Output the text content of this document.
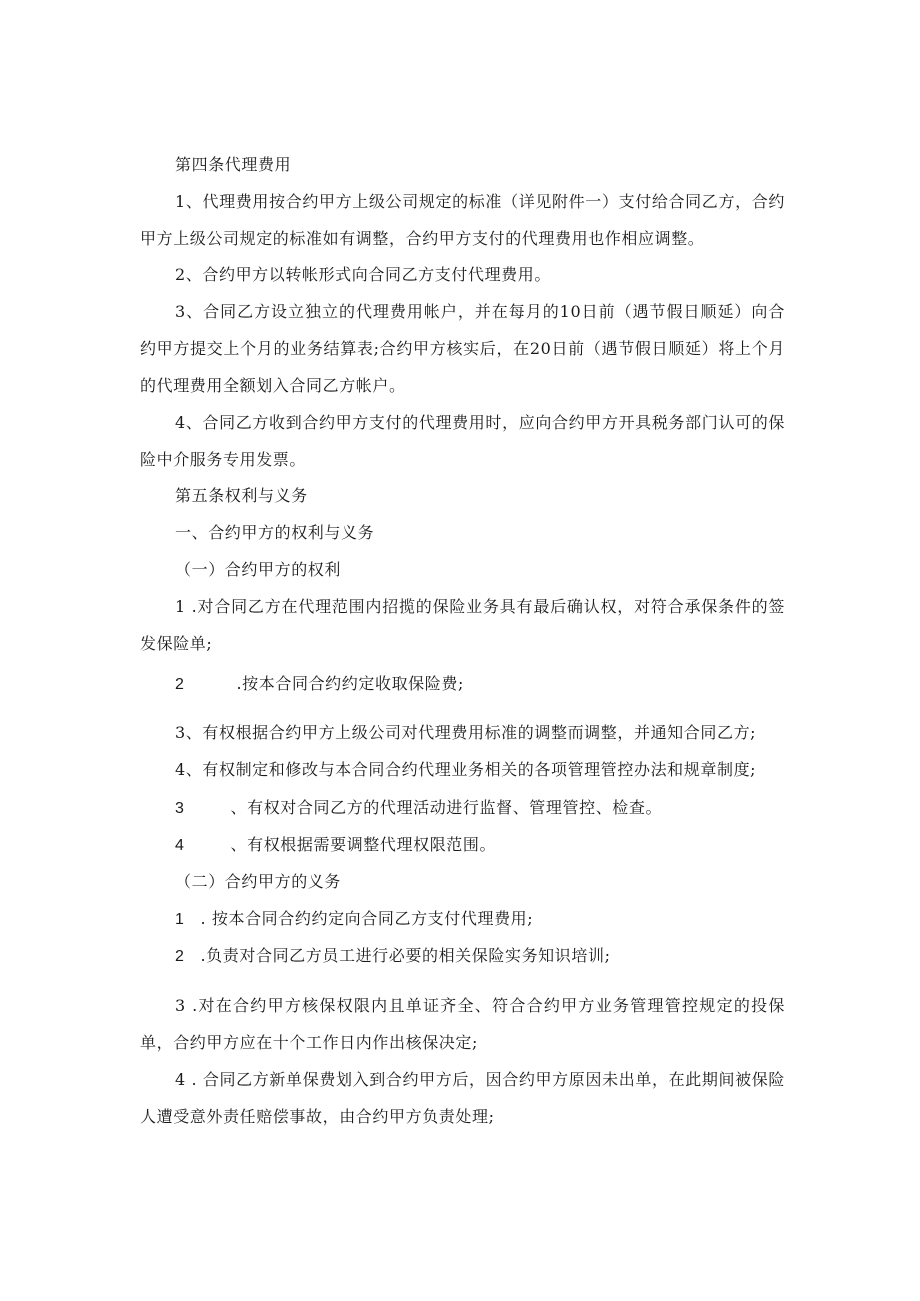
第四条代理费用
1、代理费用按合约甲方上级公司规定的标准（详见附件一）支付给合同乙方，合约甲方上级公司规定的标准如有调整，合约甲方支付的代理费用也作相应调整。
2、合约甲方以转帐形式向合同乙方支付代理费用。
3、合同乙方设立独立的代理费用帐户，并在每月的10日前（遇节假日顺延）向合约甲方提交上个月的业务结算表;合约甲方核实后，在20日前（遇节假日顺延）将上个月的代理费用全额划入合同乙方帐户。
4、合同乙方收到合约甲方支付的代理费用时，应向合约甲方开具税务部门认可的保险中介服务专用发票。
第五条权利与义务
一、合约甲方的权利与义务
（一）合约甲方的权利
1 .对合同乙方在代理范围内招揽的保险业务具有最后确认权，对符合承保条件的签发保险单;
2	.按本合同合约约定收取保险费;
3、有权根据合约甲方上级公司对代理费用标准的调整而调整，并通知合同乙方;
4、有权制定和修改与本合同合约代理业务相关的各项管理管控办法和规章制度;
3	、有权对合同乙方的代理活动进行监督、管理管控、检查。
4	、有权根据需要调整代理权限范围。
（二）合约甲方的义务
1 . 按本合同合约约定向合同乙方支付代理费用;
2 .负责对合同乙方员工进行必要的相关保险实务知识培训;
3 .对在合约甲方核保权限内且单证齐全、符合合约甲方业务管理管控规定的投保单，合约甲方应在十个工作日内作出核保决定;
4 . 合同乙方新单保费划入到合约甲方后，因合约甲方原因未出单，在此期间被保险人遭受意外责任赔偿事故，由合约甲方负责处理;
